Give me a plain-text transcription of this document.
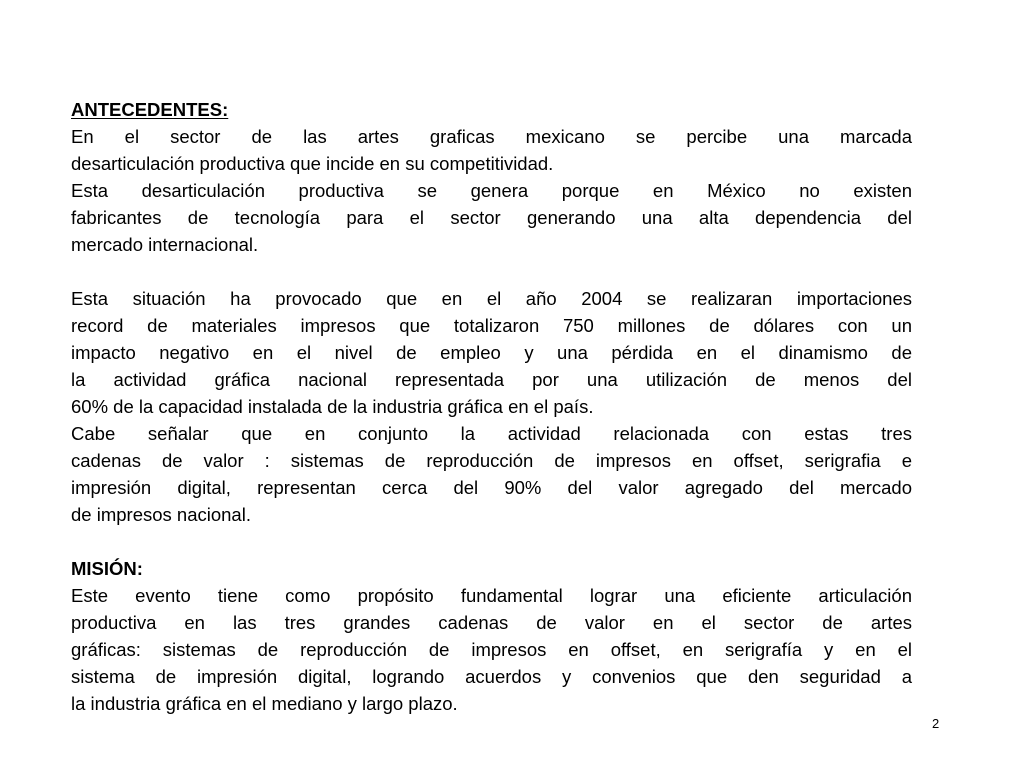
ANTECEDENTES:
En el sector de las artes graficas mexicano se percibe una marcada
desarticulación productiva que incide en su competitividad.
Esta desarticulación productiva se genera porque en México no existen
fabricantes de tecnología para el sector generando una alta dependencia del
mercado internacional.
Esta situación ha provocado que en el año 2004 se realizaran importaciones
record de materiales impresos que totalizaron 750 millones de dólares con un
impacto negativo en el nivel de empleo y una pérdida en el dinamismo de
la actividad gráfica nacional representada por una utilización de menos del
60% de la capacidad instalada de la industria gráfica en el país.
Cabe señalar que en conjunto la actividad relacionada con estas tres
cadenas de valor : sistemas de reproducción de impresos en offset, serigrafia e
impresión digital, representan cerca del 90% del valor agregado del mercado
de impresos nacional.
MISIÓN:
Este evento tiene como propósito fundamental lograr una eficiente articulación
productiva en las tres grandes cadenas de valor en el sector de artes
gráficas: sistemas de reproducción de impresos en offset, en serigrafía y en el
sistema de impresión digital, logrando acuerdos y convenios que den seguridad a
la industria gráfica en el mediano y largo plazo.
2
